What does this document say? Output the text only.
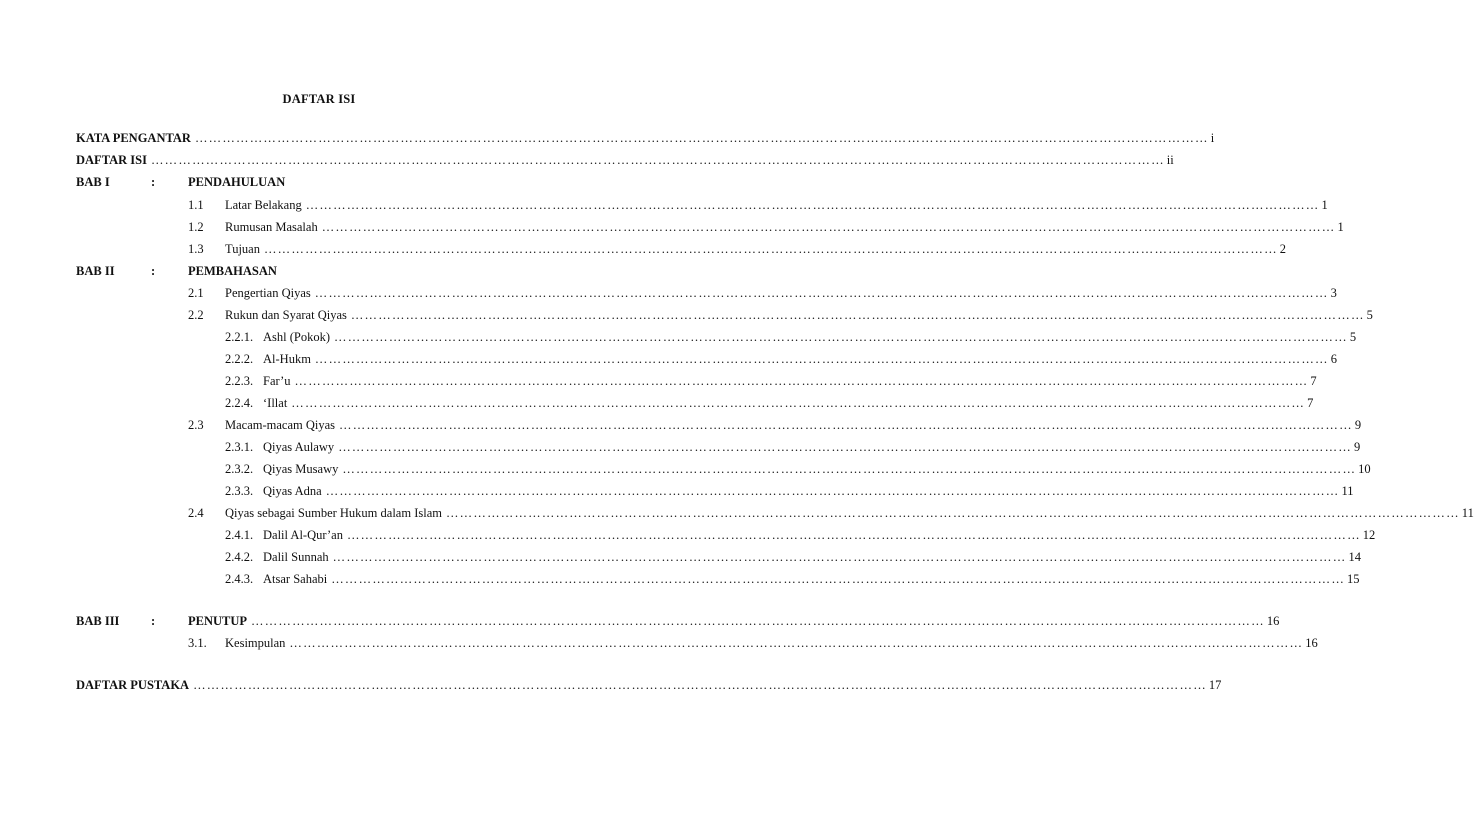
DAFTAR ISI
KATA PENGANTAR …………………………………………………………………………………………………………………………………………………………………………………………………… i
DAFTAR ISI …………………………………………………………………………………………………………………………………………………………………………………………………… ii
BAB I	:	PENDAHULUAN
1.1 Latar Belakang …………………………………………………………………………………………………………………………………………………………………………………………………… 1
1.2 Rumusan Masalah …………………………………………………………………………………………………………………………………………………………………………………………………… 1
1.3 Tujuan …………………………………………………………………………………………………………………………………………………………………………………………………… 2
BAB II	:	PEMBAHASAN
2.1 Pengertian Qiyas …………………………………………………………………………………………………………………………………………………………………………………………………… 3
2.2 Rukun dan Syarat Qiyas …………………………………………………………………………………………………………………………………………………………………………………………………… 5
2.2.1. Ashl (Pokok) …………………………………………………………………………………………………………………………………………………………………………………………………… 5
2.2.2. Al-Hukm …………………………………………………………………………………………………………………………………………………………………………………………………… 6
2.2.3. Far’u …………………………………………………………………………………………………………………………………………………………………………………………………… 7
2.2.4. ‘Illat …………………………………………………………………………………………………………………………………………………………………………………………………… 7
2.3 Macam-macam Qiyas …………………………………………………………………………………………………………………………………………………………………………………………………… 9
2.3.1. Qiyas Aulawy …………………………………………………………………………………………………………………………………………………………………………………………………… 9
2.3.2. Qiyas Musawy …………………………………………………………………………………………………………………………………………………………………………………………………… 10
2.3.3. Qiyas Adna …………………………………………………………………………………………………………………………………………………………………………………………………… 11
2.4 Qiyas sebagai Sumber Hukum dalam Islam …………………………………………………………………………………………………………………………………………………………………………………………………… 11
2.4.1. Dalil Al-Qur’an …………………………………………………………………………………………………………………………………………………………………………………………………… 12
2.4.2. Dalil Sunnah …………………………………………………………………………………………………………………………………………………………………………………………………… 14
2.4.3. Atsar Sahabi …………………………………………………………………………………………………………………………………………………………………………………………………… 15
BAB III	:	PENUTUP …………………………………………………………………………………………………………………………………………………………………………………………………… 16
3.1. Kesimpulan …………………………………………………………………………………………………………………………………………………………………………………………………… 16
DAFTAR PUSTAKA …………………………………………………………………………………………………………………………………………………………………………………………………… 17
